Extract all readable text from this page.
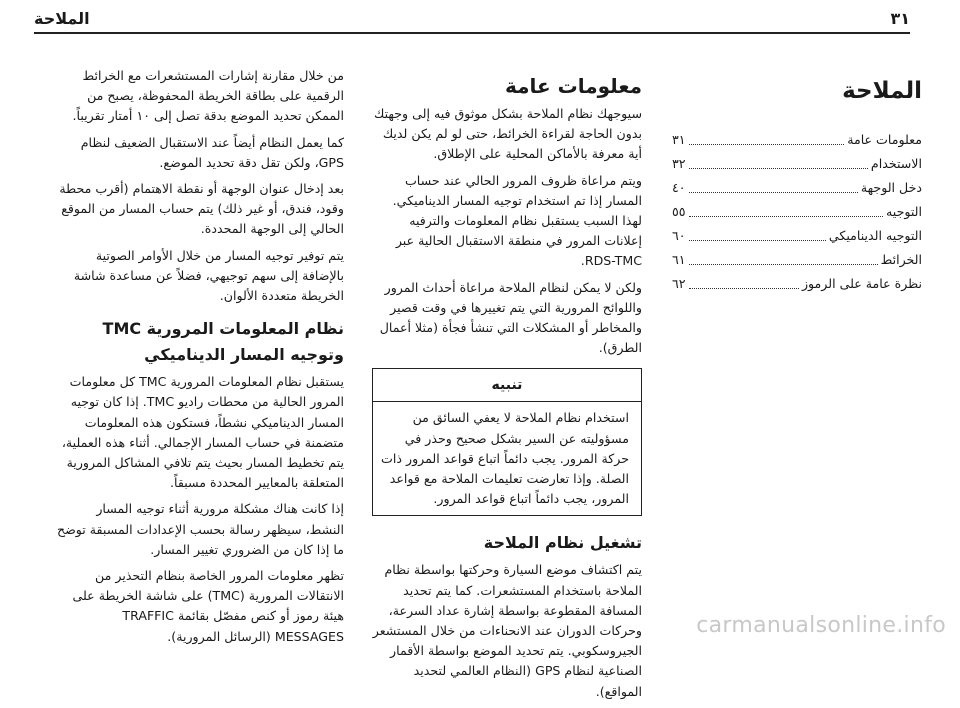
٣١
الملاحة
الملاحة
معلومات عامة
٣١
الاستخدام
٣٢
دخل الوجهة
٤٠
التوجيه
٥٥
التوجيه الديناميكي
٦٠
الخرائط
٦١
نظرة عامة على الرموز
٦٢
معلومات عامة

سيوجهك نظام الملاحة بشكل موثوق فيه إلى وجهتك بدون الحاجة لقراءة الخرائط، حتى لو لم يكن لديك أية معرفة بالأماكن المحلية على الإطلاق.

ويتم مراعاة ظروف المرور الحالي عند حساب المسار إذا تم استخدام توجيه المسار الديناميكي. لهذا السبب يستقبل نظام المعلومات والترفيه إعلانات المرور في منطقة الاستقبال الحالية عبر RDS-TMC.

ولكن لا يمكن لنظام الملاحة مراعاة أحداث المرور واللوائح المرورية التي يتم تغييرها في وقت قصير والمخاطر أو المشكلات التي تنشأ فجأة (مثلا أعمال الطرق).

تنبيه
استخدام نظام الملاحة لا يعفي السائق من مسؤوليته عن السير بشكل صحيح وحذر في حركة المرور. يجب دائماً اتباع قواعد المرور ذات الصلة. وإذا تعارضت تعليمات الملاحة مع قواعد المرور، يجب دائماً اتباع قواعد المرور.
تشغيل نظام الملاحة

يتم اكتشاف موضع السيارة وحركتها بواسطة نظام الملاحة باستخدام المستشعرات. كما يتم تحديد المسافة المقطوعة بواسطة إشارة عداد السرعة، وحركات الدوران عند الانحناءات من خلال المستشعر الجيروسكوبي. يتم تحديد الموضع بواسطة الأقمار الصناعية لنظام GPS (النظام العالمي لتحديد المواقع).

من خلال مقارنة إشارات المستشعرات مع الخرائط الرقمية على بطاقة الخريطة المحفوظة، يصبح من الممكن تحديد الموضع بدقة تصل إلى ١٠ أمتار تقريباً.

كما يعمل النظام أيضاً عند الاستقبال الضعيف لنظام GPS، ولكن تقل دقة تحديد الموضع.

بعد إدخال عنوان الوجهة أو نقطة الاهتمام (أقرب محطة وقود، فندق، أو غير ذلك) يتم حساب المسار من الموقع الحالي إلى الوجهة المحددة.

يتم توفير توجيه المسار من خلال الأوامر الصوتية بالإضافة إلى سهم توجيهي، فضلاً عن مساعدة شاشة الخريطة متعددة الألوان.

نظام المعلومات المرورية TMC وتوجيه المسار الديناميكي

يستقبل نظام المعلومات المرورية TMC كل معلومات المرور الحالية من محطات راديو TMC. إذا كان توجيه المسار الديناميكي نشطاً، فستكون هذه المعلومات متضمنة في حساب المسار الإجمالي. أثناء هذه العملية، يتم تخطيط المسار بحيث يتم تلافي المشاكل المرورية المتعلقة بالمعايير المحددة مسبقاً.

إذا كانت هناك مشكلة مرورية أثناء توجيه المسار النشط، سيظهر رسالة بحسب الإعدادات المسبقة توضح ما إذا كان من الضروري تغيير المسار.

تظهر معلومات المرور الخاصة بنظام التحذير من الانتقالات المرورية (TMC) على شاشة الخريطة على هيئة رموز أو كنص مفصّل بقائمة TRAFFIC MESSAGES (الرسائل المرورية).	carmanualsonline.info
